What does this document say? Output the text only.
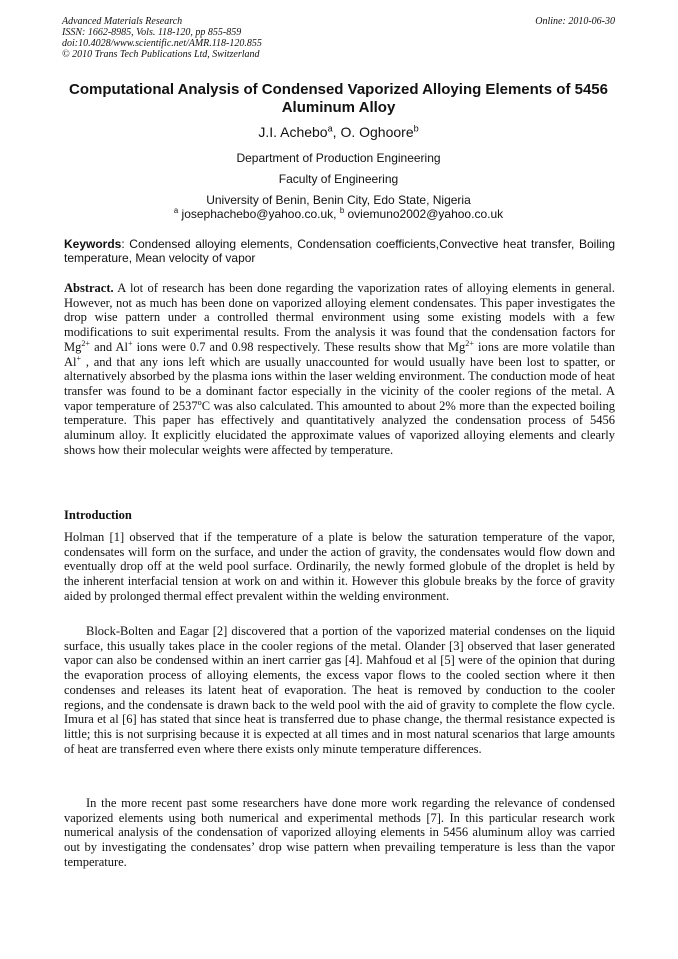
Advanced Materials Research	Online: 2010-06-30
ISSN: 1662-8985, Vols. 118-120, pp 855-859
doi:10.4028/www.scientific.net/AMR.118-120.855
© 2010 Trans Tech Publications Ltd, Switzerland
Computational Analysis of Condensed Vaporized Alloying Elements of 5456 Aluminum Alloy
J.I. Achebo$^a$, O. Oghoore$^b$
Department of Production Engineering
Faculty of Engineering
University of Benin, Benin City, Edo State, Nigeria
$^a$ josephachebo@yahoo.co.uk, $^b$ oviemuno2002@yahoo.co.uk
Keywords: Condensed alloying elements, Condensation coefficients,Convective heat transfer, Boiling temperature, Mean velocity of vapor
Abstract. A lot of research has been done regarding the vaporization rates of alloying elements in general. However, not as much has been done on vaporized alloying element condensates. This paper investigates the drop wise pattern under a controlled thermal environment using some existing models with a few modifications to suit experimental results. From the analysis it was found that the condensation factors for $Mg^{2+}$ and Al+ ions were 0.7 and 0.98 respectively. These results show that $Mg^{2+}$ ions are more volatile than Al+ , and that any ions left which are usually unaccounted for would usually have been lost to spatter, or alternatively absorbed by the plasma ions within the laser welding environment. The conduction mode of heat transfer was found to be a dominant factor especially in the vicinity of the cooler regions of the metal. A vapor temperature of 2537$^o$C was also calculated. This amounted to about 2% more than the expected boiling temperature. This paper has effectively and quantitatively analyzed the condensation process of 5456 aluminum alloy. It explicitly elucidated the approximate values of vaporized alloying elements and clearly shows how their molecular weights were affected by temperature.
Introduction

Holman [1] observed that if the temperature of a plate is below the saturation temperature of the vapor, condensates will form on the surface, and under the action of gravity, the condensates would flow down and eventually drop off at the weld pool surface. Ordinarily, the newly formed globule of the droplet is held by the inherent interfacial tension at work on and within it. However this globule breaks by the force of gravity aided by prolonged thermal effect prevalent within the welding environment.

Block-Bolten and Eagar [2] discovered that a portion of the vaporized material condenses on the liquid surface, this usually takes place in the cooler regions of the metal. Olander [3] observed that laser generated vapor can also be condensed within an inert carrier gas [4]. Mahfoud et al [5] were of the opinion that during the evaporation process of alloying elements, the excess vapor flows to the cooled section where it then condenses and releases its latent heat of evaporation. The heat is removed by conduction to the cooler regions, and the condensate is drawn back to the weld pool with the aid of gravity to complete the flow cycle. Imura et al [6] has stated that since heat is transferred due to phase change, the thermal resistance expected is little; this is not surprising because it is expected at all times and in most natural scenarios that large amounts of heat are transferred even where there exists only minute temperature differences.

In the more recent past some researchers have done more work regarding the relevance of condensed vaporized elements using both numerical and experimental methods [7]. In this particular research work numerical analysis of the condensation of vaporized alloying elements in 5456 aluminum alloy was carried out by investigating the condensates’ drop wise pattern when prevailing temperature is less than the vapor temperature.
